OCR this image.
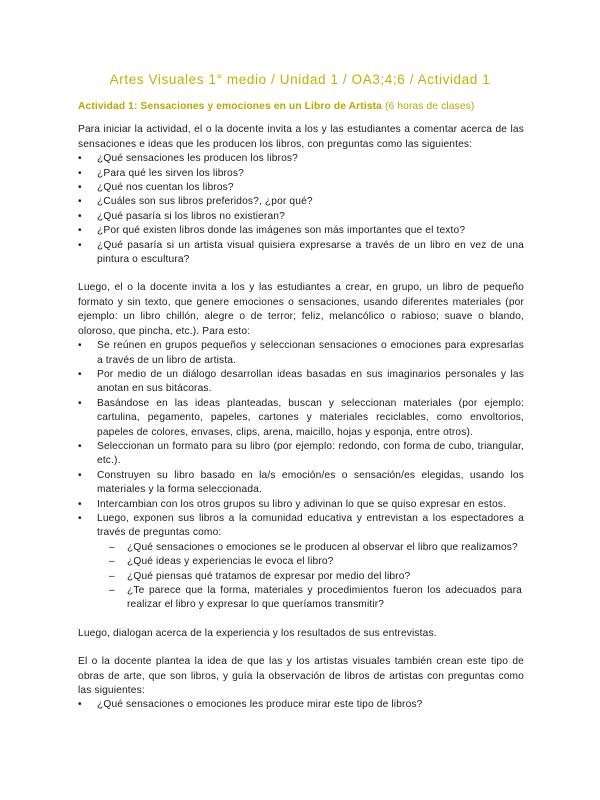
Artes Visuales 1° medio / Unidad 1 / OA3;4;6 / Actividad 1
Actividad 1: Sensaciones y emociones en un Libro de Artista (6 horas de clases)

Para iniciar la actividad, el o la docente invita a los y las estudiantes a comentar acerca de las sensaciones e ideas que les producen los libros, con preguntas como las siguientes:

• ¿Qué sensaciones les producen los libros?
• ¿Para qué les sirven los libros?
• ¿Qué nos cuentan los libros?
• ¿Cuáles son sus libros preferidos?, ¿por qué?
• ¿Qué pasaría si los libros no existieran?
• ¿Por qué existen libros donde las imágenes son más importantes que el texto?
• ¿Qué pasaría si un artista visual quisiera expresarse a través de un libro en vez de una pintura o escultura?

Luego, el o la docente invita a los y las estudiantes a crear, en grupo, un libro de pequeño formato y sin texto, que genere emociones o sensaciones, usando diferentes materiales (por ejemplo: un libro chillón, alegre o de terror; feliz, melancólico o rabioso; suave o blando, oloroso, que pincha, etc.). Para esto:

• Se reúnen en grupos pequeños y seleccionan sensaciones o emociones para expresarlas a través de un libro de artista.
• Por medio de un diálogo desarrollan ideas basadas en sus imaginarios personales y las anotan en sus bitácoras.
• Basándose en las ideas planteadas, buscan y seleccionan materiales (por ejemplo: cartulina, pegamento, papeles, cartones y materiales reciclables, como envoltorios, papeles de colores, envases, clips, arena, maicillo, hojas y esponja, entre otros).
• Seleccionan un formato para su libro (por ejemplo: redondo, con forma de cubo, triangular, etc.).
• Construyen su libro basado en la/s emoción/es o sensación/es elegidas, usando los materiales y la forma seleccionada.
• Intercambian con los otros grupos su libro y adivinan lo que se quiso expresar en estos.
• Luego, exponen sus libros a la comunidad educativa y entrevistan a los espectadores a través de preguntas como:
– ¿Qué sensaciones o emociones se le producen al observar el libro que realizamos?
– ¿Qué ideas y experiencias le evoca el libro?
– ¿Qué piensas qué tratamos de expresar por medio del libro?
– ¿Te parece que la forma, materiales y procedimientos fueron los adecuados para realizar el libro y expresar lo que queríamos transmitir?

Luego, dialogan acerca de la experiencia y los resultados de sus entrevistas.

El o la docente plantea la idea de que las y los artistas visuales también crean este tipo de obras de arte, que son libros, y guía la observación de libros de artistas con preguntas como las siguientes:

• ¿Qué sensaciones o emociones les produce mirar este tipo de libros?
